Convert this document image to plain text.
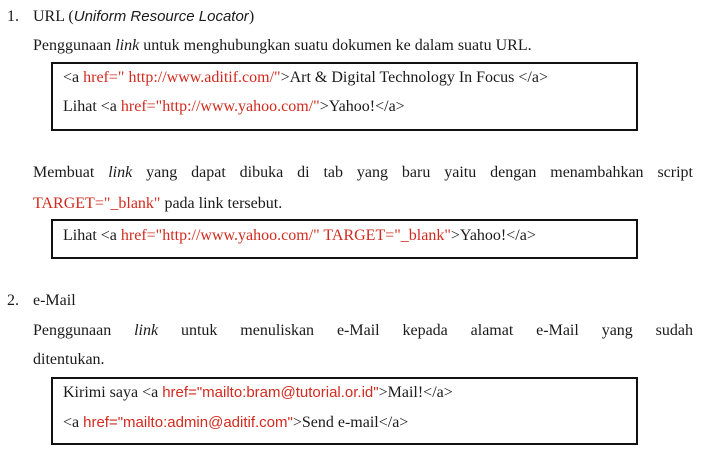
1. URL (Uniform Resource Locator)
Penggunaan link untuk menghubungkan suatu dokumen ke dalam suatu URL.
<a href=" http://www.aditif.com/">Art & Digital Technology In Focus </a>
Lihat <a href="http://www.yahoo.com/">Yahoo!</a>
Membuat link yang dapat dibuka di tab yang baru yaitu dengan menambahkan script
TARGET="_blank" pada link tersebut.
Lihat <a href="http://www.yahoo.com/" TARGET="_blank">Yahoo!</a>
2. e-Mail
Penggunaan link untuk menuliskan e-Mail kepada alamat e-Mail yang sudah
ditentukan.
Kirimi saya <a href="mailto:bram@tutorial.or.id">Mail!</a>
<a href="mailto:admin@aditif.com">Send e-mail</a>
